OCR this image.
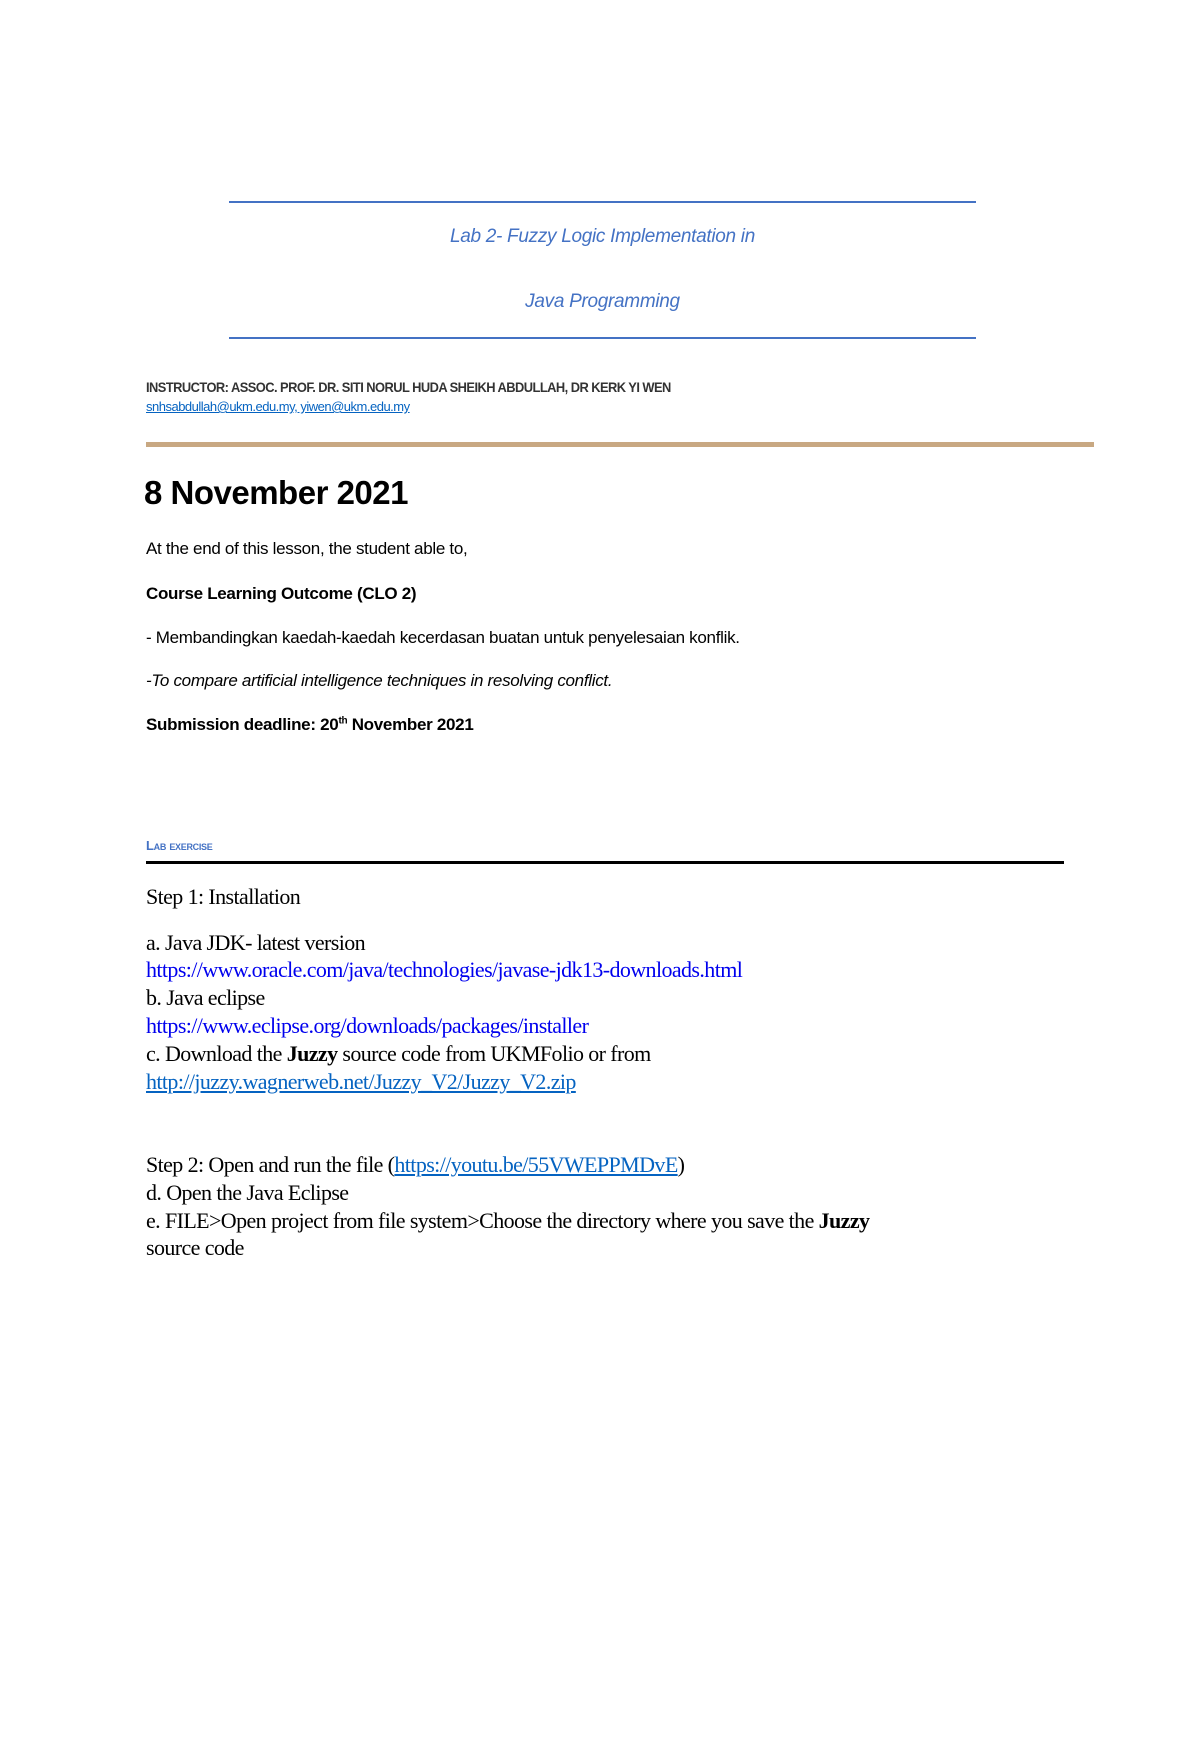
Lab 2- Fuzzy Logic Implementation in
Java Programming
INSTRUCTOR: ASSOC. PROF. DR. SITI NORUL HUDA SHEIKH ABDULLAH, DR KERK YI WEN
snhsabdullah@ukm.edu.my, yiwen@ukm.edu.my
8 November 2021
At the end of this lesson, the student able to,
Course Learning Outcome (CLO 2)
- Membandingkan kaedah-kaedah kecerdasan buatan untuk penyelesaian konflik.
-To compare artificial intelligence techniques in resolving conflict.
Submission deadline: 20th November 2021
Lab exercise
Step 1: Installation
a. Java JDK- latest version
https://www.oracle.com/java/technologies/javase-jdk13-downloads.html
b. Java eclipse
https://www.eclipse.org/downloads/packages/installer
c. Download the Juzzy source code from UKMFolio or from
http://juzzy.wagnerweb.net/Juzzy_V2/Juzzy_V2.zip
Step 2: Open and run the file (https://youtu.be/55VWEPPMDvE)
d. Open the Java Eclipse
e. FILE>Open project from file system>Choose the directory where you save the Juzzy
source code
